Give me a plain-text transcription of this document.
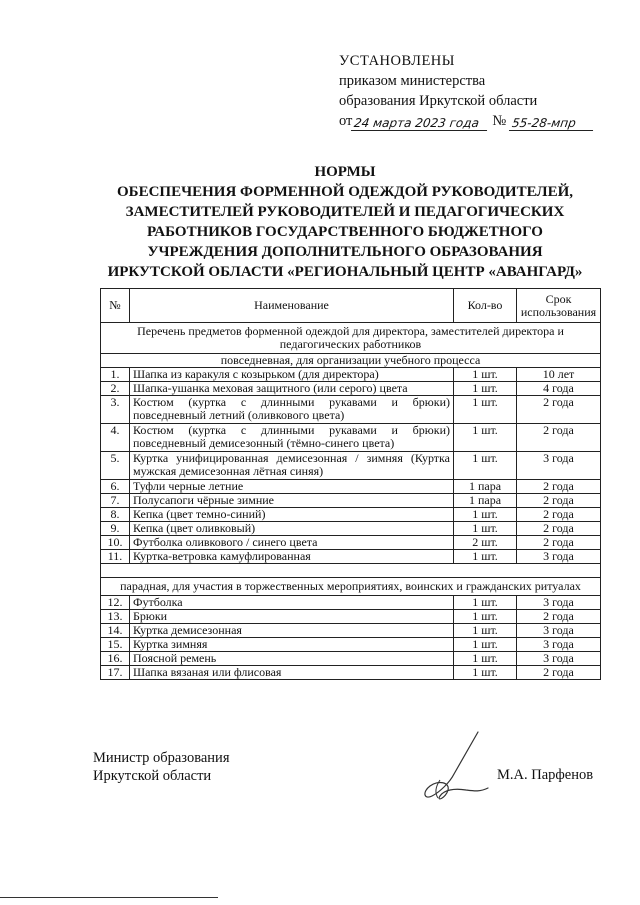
УСТАНОВЛЕНЫ
приказом министерства
образования Иркутской области
от 24 марта 2023 года № 55-28-мпр
НОРМЫ
ОБЕСПЕЧЕНИЯ ФОРМЕННОЙ ОДЕЖДОЙ РУКОВОДИТЕЛЕЙ,
ЗАМЕСТИТЕЛЕЙ РУКОВОДИТЕЛЕЙ И ПЕДАГОГИЧЕСКИХ
РАБОТНИКОВ ГОСУДАРСТВЕННОГО БЮДЖЕТНОГО
УЧРЕЖДЕНИЯ ДОПОЛНИТЕЛЬНОГО ОБРАЗОВАНИЯ
ИРКУТСКОЙ ОБЛАСТИ «РЕГИОНАЛЬНЫЙ ЦЕНТР «АВАНГАРД»
№	Наименование	Кол-во	Срок использования
Перечень предметов форменной одеждой для директора, заместителей директора и педагогических работников			
повседневная, для организации учебного процесса			
1.	Шапка из каракуля с козырьком (для директора)	1 шт.	10 лет
2.	Шапка-ушанка меховая защитного (или серого) цвета	1 шт.	4 года
3.	Костюм (куртка с длинными рукавами и брюки) повседневный летний (оливкового цвета)	1 шт.	2 года
4.	Костюм (куртка с длинными рукавами и брюки) повседневный демисезонный (тёмно-синего цвета)	1 шт.	2 года
5.	Куртка унифицированная демисезонная / зимняя (Куртка мужская демисезонная лётная синяя)	1 шт.	3 года
6.	Туфли черные летние	1 пара	2 года
7.	Полусапоги чёрные зимние	1 пара	2 года
8.	Кепка (цвет темно-синий)	1 шт.	2 года
9.	Кепка (цвет оливковый)	1 шт.	2 года
10.	Футболка оливкового / синего цвета	2 шт.	2 года
11.	Куртка-ветровка камуфлированная	1 шт.	3 года

парадная, для участия в торжественных мероприятиях, воинских и гражданских ритуалах			
12.	Футболка	1 шт.	3 года
13.	Брюки	1 шт.	2 года
14.	Куртка демисезонная	1 шт.	3 года
15.	Куртка зимняя	1 шт.	3 года
16.	Поясной ремень	1 шт.	3 года
17.	Шапка вязаная или флисовая	1 шт.	2 года
Министр образования
Иркутской области	М.А. Парфенов
